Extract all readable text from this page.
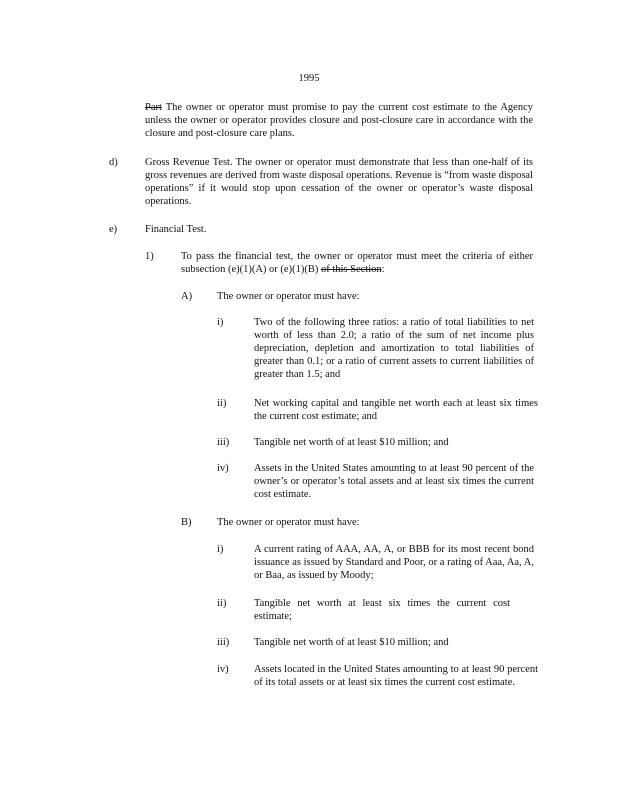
1995
Part The owner or operator must promise to pay the current cost estimate to the Agency unless the owner or operator provides closure and post-closure care in accordance with the closure and post-closure care plans.
d)	Gross Revenue Test. The owner or operator must demonstrate that less than one-half of its gross revenues are derived from waste disposal operations. Revenue is “from waste disposal operations” if it would stop upon cessation of the owner or operator’s waste disposal operations.
e)	Financial Test.
1)	To pass the financial test, the owner or operator must meet the criteria of either subsection (e)(1)(A) or (e)(1)(B) of this Section:
A) The owner or operator must have:
i)	Two of the following three ratios: a ratio of total liabilities to net worth of less than 2.0; a ratio of the sum of net income plus depreciation, depletion and amortization to total liabilities of greater than 0.1; or a ratio of current assets to current liabilities of greater than 1.5; and
ii)	Net working capital and tangible net worth each at least six times the current cost estimate; and
iii) Tangible net worth of at least $10 million; and
iv) Assets in the United States amounting to at least 90 percent of the owner’s or operator’s total assets and at least six times the current cost estimate.
B) The owner or operator must have:
i)	A current rating of AAA, AA, A, or BBB for its most recent bond issuance as issued by Standard and Poor, or a rating of Aaa, Aa, A, or Baa, as issued by Moody;
ii)	Tangible net worth at least six times the current cost estimate;
iii) Tangible net worth of at least $10 million; and
iv) Assets located in the United States amounting to at least 90 percent of its total assets or at least six times the current cost estimate.
